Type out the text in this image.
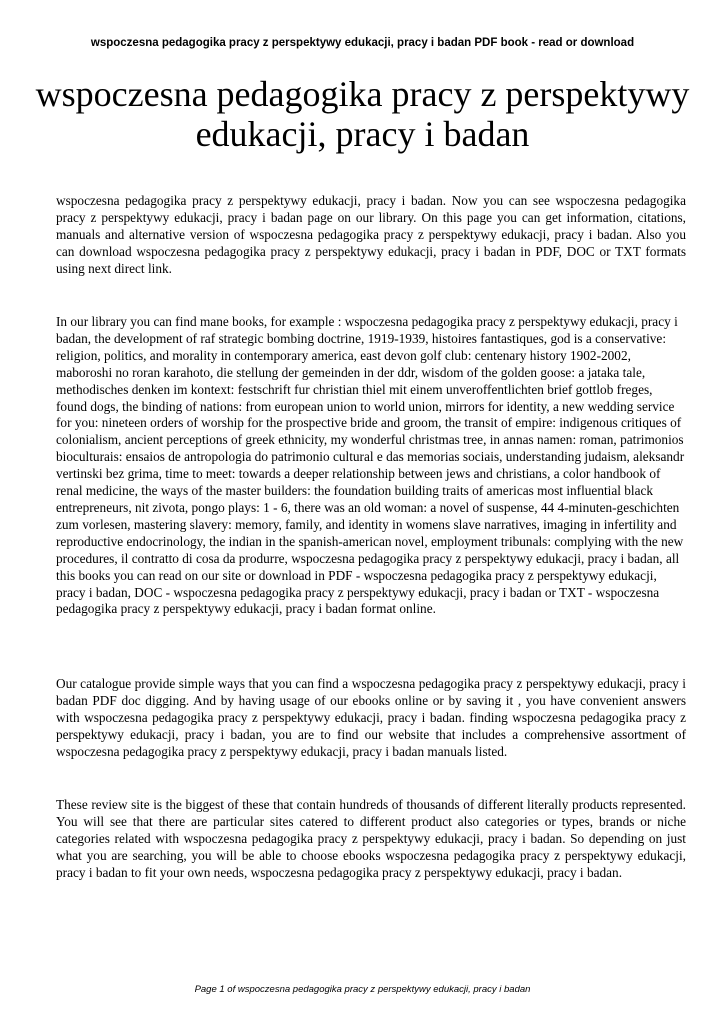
wspoczesna pedagogika pracy z perspektywy edukacji, pracy i badan PDF book - read or download
wspoczesna pedagogika pracy z perspektywy edukacji, pracy i badan

wspoczesna pedagogika pracy z perspektywy edukacji, pracy i badan. Now you can see wspoczesna pedagogika pracy z perspektywy edukacji, pracy i badan page on our library. On this page you can get information, citations, manuals and alternative version of wspoczesna pedagogika pracy z perspektywy edukacji, pracy i badan. Also you can download wspoczesna pedagogika pracy z perspektywy edukacji, pracy i badan in PDF, DOC or TXT formats using next direct link.

In our library you can find mane books, for example : wspoczesna pedagogika pracy z perspektywy edukacji, pracy i badan, the development of raf strategic bombing doctrine, 1919-1939, histoires fantastiques, god is a conservative: religion, politics, and morality in contemporary america, east devon golf club: centenary history 1902-2002, maboroshi no roran karahoto, die stellung der gemeinden in der ddr, wisdom of the golden goose: a jataka tale, methodisches denken im kontext: festschrift fur christian thiel mit einem unveroffentlichten brief gottlob freges, found dogs, the binding of nations: from european union to world union, mirrors for identity, a new wedding service for you: nineteen orders of worship for the prospective bride and groom, the transit of empire: indigenous critiques of colonialism, ancient perceptions of greek ethnicity, my wonderful christmas tree, in annas namen: roman, patrimonios bioculturais: ensaios de antropologia do patrimonio cultural e das memorias sociais, understanding judaism, aleksandr vertinski bez grima, time to meet: towards a deeper relationship between jews and christians, a color handbook of renal medicine, the ways of the master builders: the foundation building traits of americas most influential black entrepreneurs, nit zivota, pongo plays: 1 - 6, there was an old woman: a novel of suspense, 44 4-minuten-geschichten zum vorlesen, mastering slavery: memory, family, and identity in womens slave narratives, imaging in infertility and reproductive endocrinology, the indian in the spanish-american novel, employment tribunals: complying with the new procedures, il contratto di cosa da produrre, wspoczesna pedagogika pracy z perspektywy edukacji, pracy i badan, all this books you can read on our site or download in PDF - wspoczesna pedagogika pracy z perspektywy edukacji, pracy i badan, DOC - wspoczesna pedagogika pracy z perspektywy edukacji, pracy i badan or TXT - wspoczesna pedagogika pracy z perspektywy edukacji, pracy i badan format online.

Our catalogue provide simple ways that you can find a wspoczesna pedagogika pracy z perspektywy edukacji, pracy i badan PDF doc digging. And by having usage of our ebooks online or by saving it , you have convenient answers with wspoczesna pedagogika pracy z perspektywy edukacji, pracy i badan. finding wspoczesna pedagogika pracy z perspektywy edukacji, pracy i badan, you are to find our website that includes a comprehensive assortment of wspoczesna pedagogika pracy z perspektywy edukacji, pracy i badan manuals listed.

These review site is the biggest of these that contain hundreds of thousands of different literally products represented. You will see that there are particular sites catered to different product also categories or types, brands or niche categories related with wspoczesna pedagogika pracy z perspektywy edukacji, pracy i badan. So depending on just what you are searching, you will be able to choose ebooks wspoczesna pedagogika pracy z perspektywy edukacji, pracy i badan to fit your own needs, wspoczesna pedagogika pracy z perspektywy edukacji, pracy i badan.

Page 1 of wspoczesna pedagogika pracy z perspektywy edukacji, pracy i badan
